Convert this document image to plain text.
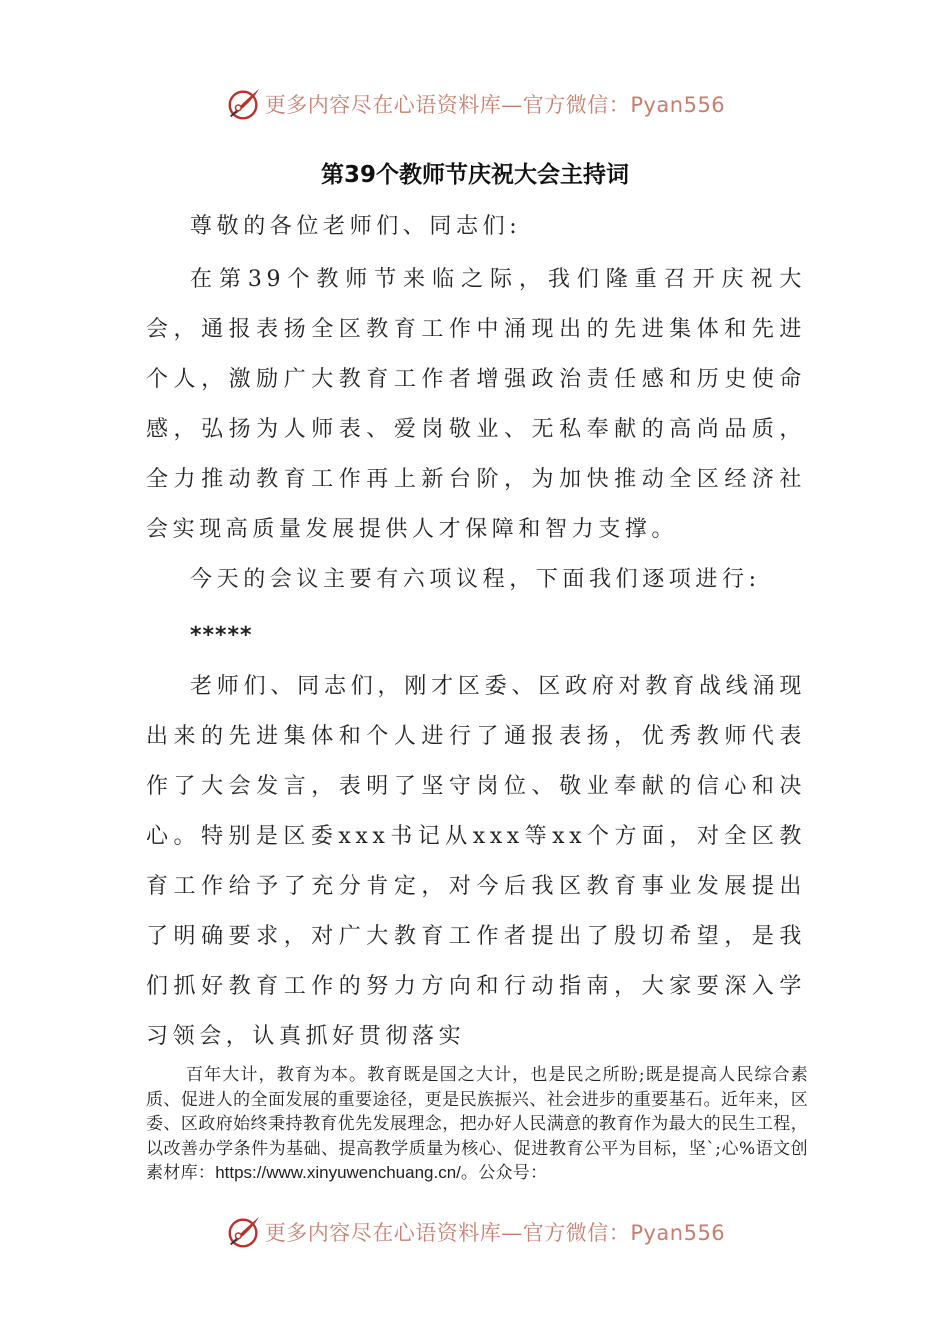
更多内容尽在心语资料库—官方微信：Pyan556
第39个教师节庆祝大会主持词

尊敬的各位老师们、同志们:

在第39个教师节来临之际，我们隆重召开庆祝大会，通报表扬全区教育工作中涌现出的先进集体和先进个人，激励广大教育工作者增强政治责任感和历史使命感，弘扬为人师表、爱岗敬业、无私奉献的高尚品质，全力推动教育工作再上新台阶，为加快推动全区经济社会实现高质量发展提供人才保障和智力支撑。

今天的会议主要有六项议程，下面我们逐项进行:

*****

老师们、同志们，刚才区委、区政府对教育战线涌现出来的先进集体和个人进行了通报表扬，优秀教师代表作了大会发言，表明了坚守岗位、敬业奉献的信心和决心。特别是区委xxx书记从xxx等xx个方面，对全区教育工作给予了充分肯定，对今后我区教育事业发展提出了明确要求，对广大教育工作者提出了殷切希望，是我们抓好教育工作的努力方向和行动指南，大家要深入学习领会，认真抓好贯彻落实

百年大计，教育为本。教育既是国之大计，也是民之所盼;既是提高人民综合素质、促进人的全面发展的重要途径，更是民族振兴、社会进步的重要基石。近年来，区委、区政府始终秉持教育优先发展理念，把办好人民满意的教育作为最大的民生工程，以改善办学条件为基础、提高教学质量为核心、促进教育公平为目标，坚`;心%语文创素材库：https://www.xinyuwenchuang.cn/。公众号：

更多内容尽在心语资料库—官方微信：Pyan556
